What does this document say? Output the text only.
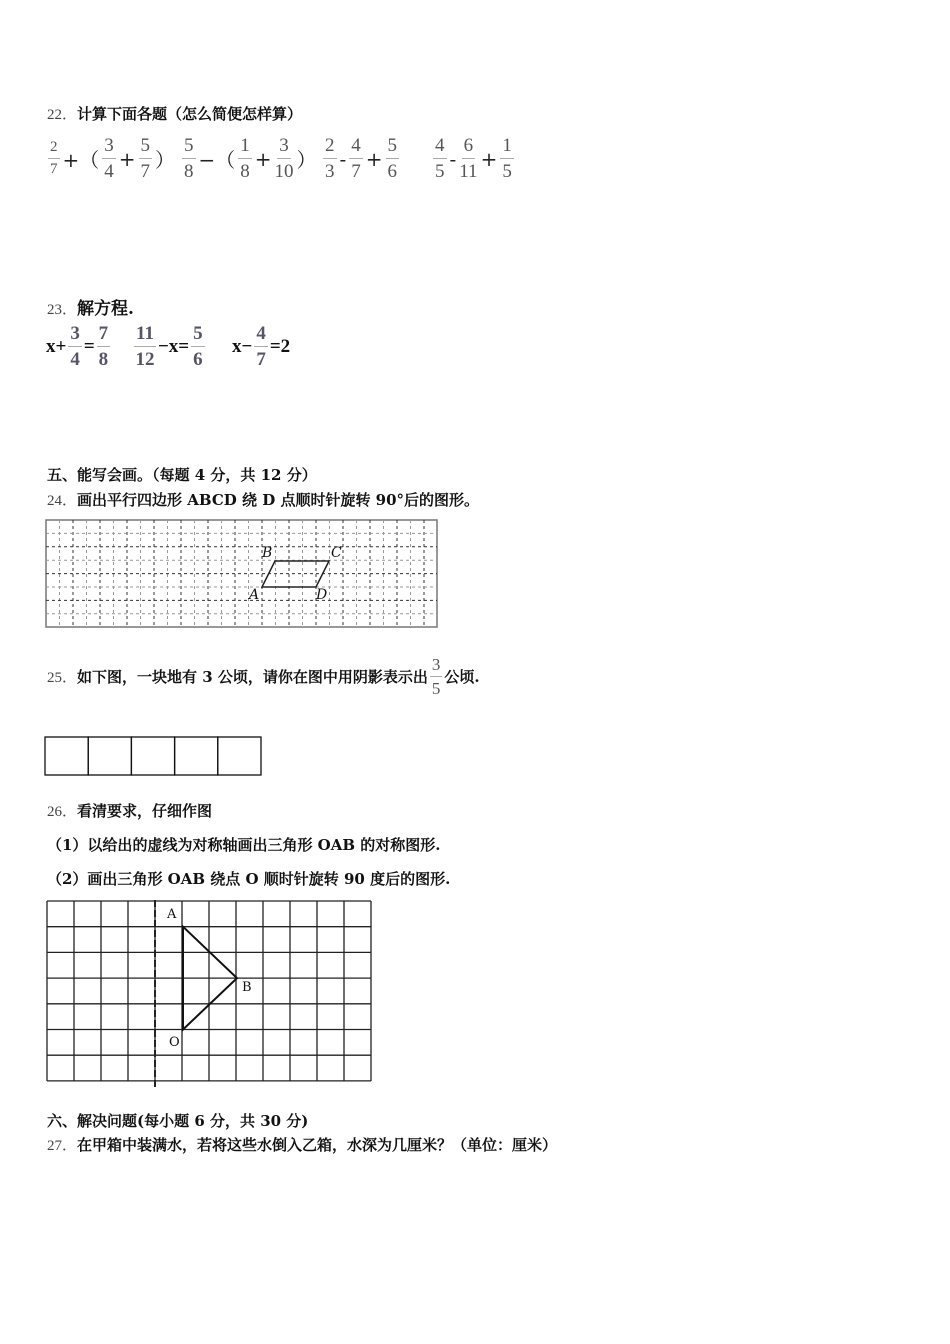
22．计算下面各题（怎么简便怎样算）
$\frac{2}{7}$ +（ $\frac{3}{4} + \frac{5}{7}$ ） $\frac{5}{8}$ −（ $\frac{1}{8} + \frac{3}{10}$ ） $\frac{2}{3} - \frac{4}{7} + \frac{5}{6} \frac{4}{5} - \frac{6}{11} + \frac{1}{5}$
23．解方程.
$x+ \frac{3}{4} = \frac{7}{8} \frac{11}{12} -x= \frac{5}{6} x- \frac{4}{7} =2$
五、能写会画。（每题 4 分，共 12 分）
24．画出平行四边形 ABCD 绕 D 点顺时针旋转 90°后的图形。
B	C
A	D
25． 如下图，一块地有 3 公顷，请你在图中用阴影表示出 $\frac{3}{5}$ 公顷.
26．看清要求，仔细作图
（1）以给出的虚线为对称轴画出三角形 OAB 的对称图形.
（2）画出三角形 OAB 绕点 O 顺时针旋转 90 度后的图形.
A
B
O
六、解决问题(每小题 6 分，共 30 分)
27．在甲箱中装满水，若将这些水倒入乙箱，水深为几厘米？（单位：厘米）
